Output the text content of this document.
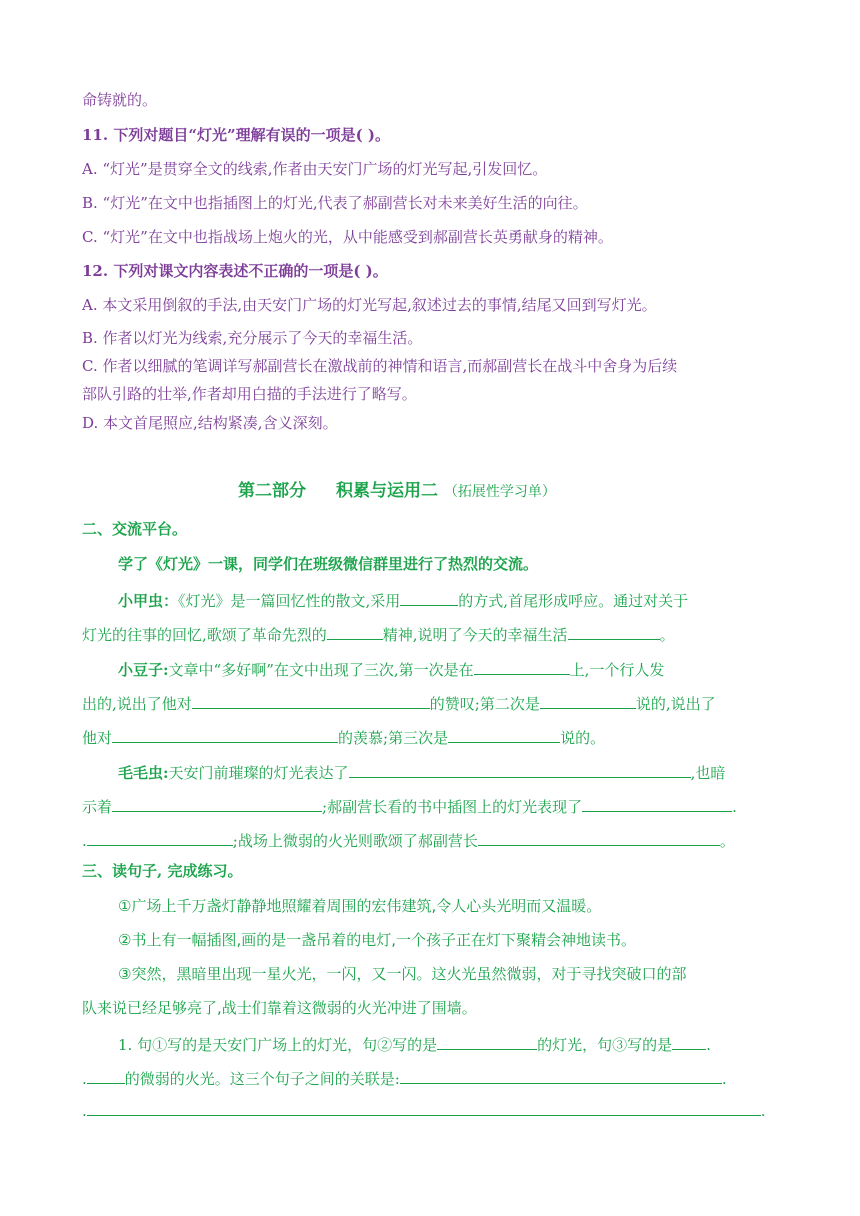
命铸就的。
11. 下列对题目“灯光”理解有误的一项是( )。
A. “灯光”是贯穿全文的线索,作者由天安门广场的灯光写起,引发回忆。
B. “灯光”在文中也指插图上的灯光,代表了郝副营长对未来美好生活的向往。
C. “灯光”在文中也指战场上炮火的光，从中能感受到郝副营长英勇献身的精神。
12. 下列对课文内容表述不正确的一项是( )。
A. 本文采用倒叙的手法,由天安门广场的灯光写起,叙述过去的事情,结尾又回到写灯光。
B. 作者以灯光为线索,充分展示了今天的幸福生活。
C. 作者以细腻的笔调详写郝副营长在激战前的神情和语言,而郝副营长在战斗中舍身为后续
部队引路的壮举,作者却用白描的手法进行了略写。
D. 本文首尾照应,结构紧凑,含义深刻。
第二部分 积累与运用二 （拓展性学习单）
二、交流平台。
学了《灯光》一课，同学们在班级微信群里进行了热烈的交流。
小甲虫：《灯光》是一篇回忆性的散文,采用	的方式,首尾形成呼应。通过对关于
灯光的往事的回忆,歌颂了革命先烈的	精神,说明了今天的幸福生活	。
小豆子:文章中“多好啊”在文中出现了三次,第一次是在	上,一个行人发
出的,说出了他对	的赞叹;第二次是	说的,说出了
他对	的羡慕;第三次是	说的。
毛毛虫:天安门前璀璨的灯光表达了	,也暗
示着	;郝副营长看的书中插图上的灯光表现了	.
.	;战场上微弱的火光则歌颂了郝副营长	。
三、读句子, 完成练习。
①广场上千万盏灯静静地照耀着周围的宏伟建筑,令人心头光明而又温暖。
②书上有一幅插图,画的是一盏吊着的电灯,一个孩子正在灯下聚精会神地读书。
③突然，黑暗里出现一星火光，一闪，又一闪。这火光虽然微弱，对于寻找突破口的部
队来说已经足够亮了,战士们靠着这微弱的火光冲进了围墙。
1. 句①写的是天安门广场上的灯光，句②写的是	的灯光，句③写的是 .
.	的微弱的火光。这三个句子之间的关联是:	.
.	.
